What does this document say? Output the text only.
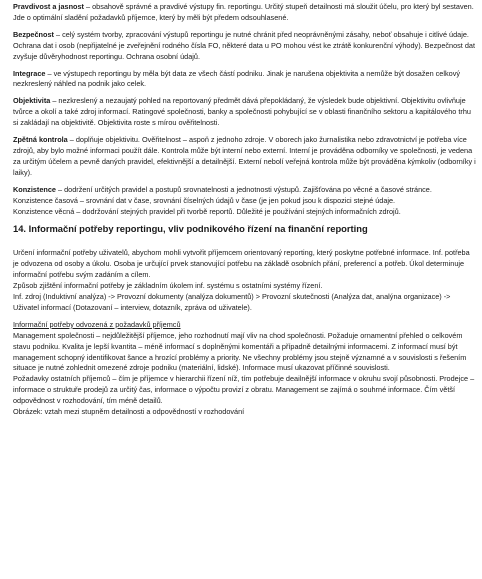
Pravdivost a jasnost – obsahově správné a pravdivé výstupy fin. reportingu. Určitý stupeň detailnosti má sloužit účelu, pro který byl sestaven. Jde o optimální sladění požadavků příjemce, který by měli být předem odsouhlasené.

Bezpečnost – celý systém tvorby, zpracování výstupů reportingu je nutné chránit před neoprávněnými zásahy, neboť obsahuje i citlivé údaje. Ochrana dat i osob (nepřijatelné je zveřejnění rodného čísla FO, některé data u PO mohou vést ke ztrátě konkurenční výhody). Bezpečnost dat zvyšuje důvěryhodnost reportingu. Ochrana osobní údajů.

Integrace – ve výstupech reportingu by měla být data ze všech částí podniku. Jinak je narušena objektivita a nemůže být dosažen celkový nezkreslený náhled na podnik jako celek.

Objektivita – nezkreslený a nezaujatý pohled na reportovaný předmět dává přepokládaný, že výsledek bude objektivní. Objektivitu ovlivňuje tvůrce a okolí a také zdroj informací. Ratingové společnosti, banky a společnosti pohybující se v oblasti finančního sektoru a kapitálového trhu si zakládají na objektivitě. Objektivita roste s mírou ověřitelnosti.

Zpětná kontrola – doplňuje objektivitu. Ověřitelnost – aspoň z jednoho zdroje. V oborech jako žurnalistika nebo zdravotnictví je potřeba více zdrojů, aby bylo možné informaci použít dále. Kontrola může být interní nebo externí. Interní je prováděna odborníky ve společnosti, je vedena za určitým účelem a pevně daných pravidel, efektivnější a detailnější. Externí nebolí veřejná kontrola může být prováděna kýmkoliv (odborníky i laiky).

Konzistence – dodržení určitých pravidel a postupů srovnatelnosti a jednotnosti výstupů. Zajišťována po věcné a časové stránce.

Konzistence časová – srovnání dat v čase, srovnání číselných údajů v čase (je jen pokud jsou k dispozici stejné údaje.

Konzistence věcná – dodržování stejných pravidel při tvorbě reportů. Důležité je používání stejných informačních zdrojů.

14. Informační potřeby reportingu, vliv podnikového řízení na finanční reporting

Určení informační potřeby uživatelů, abychom mohli vytvořit příjemcem orientovaný reporting, který poskytne potřebné informace. Inf. potřeba je odvozena od osoby a úkolu. Osoba je určující prvek stanovující potřebu na základě osobních přání, preferencí a potřeb. Úkol determinuje informační potřebu svým zadáním a cílem.

Způsob zjištění informační potřeby je základním úkolem inf. systému s ostatními systémy řízení.

Inf. zdroj (Induktivní analýza) -> Provozní dokumenty (analýza dokumentů) > Provozní skutečnosti (Analýza dat, analýna organizace) -> Uživatel informací (Dotazovaní – interview, dotazník, zpráva od uživatele).

Informační potřeby odvozená z požadavků příjemců

Management společnosti – nejdůležitější příjemce, jeho rozhodnutí mají vliv na chod společnosti. Požaduje ornamentní přehled o celkovém stavu podniku. Kvalita je lepší kvantita – méně informací s doplněnými komentáři a případně detailnými informacemi. Z informací musí být management schopný identifikovat šance a hrozící problémy a priority. Ne všechny problémy jsou stejně významné a v souvislosti s řešením situace je nutné zohlednit omezené zdroje podniku (materiální, lidské). Informace musí ukazovat příčinné souvislosti.

Požadavky ostatních příjemců – čím je příjemce v hierarchii řízení níž, tím potřebuje deailnější informace v okruhu svojí působnosti. Prodejce – informace o struktuře prodejů za určitý čas, informace o výpočtu provizí z obratu. Management se zajímá o souhrné informace. Čím větší odpovědnost v rozhodování, tím méně detailů.

Obrázek: vztah mezi stupněm detailnosti a odpovědností v rozhodování
